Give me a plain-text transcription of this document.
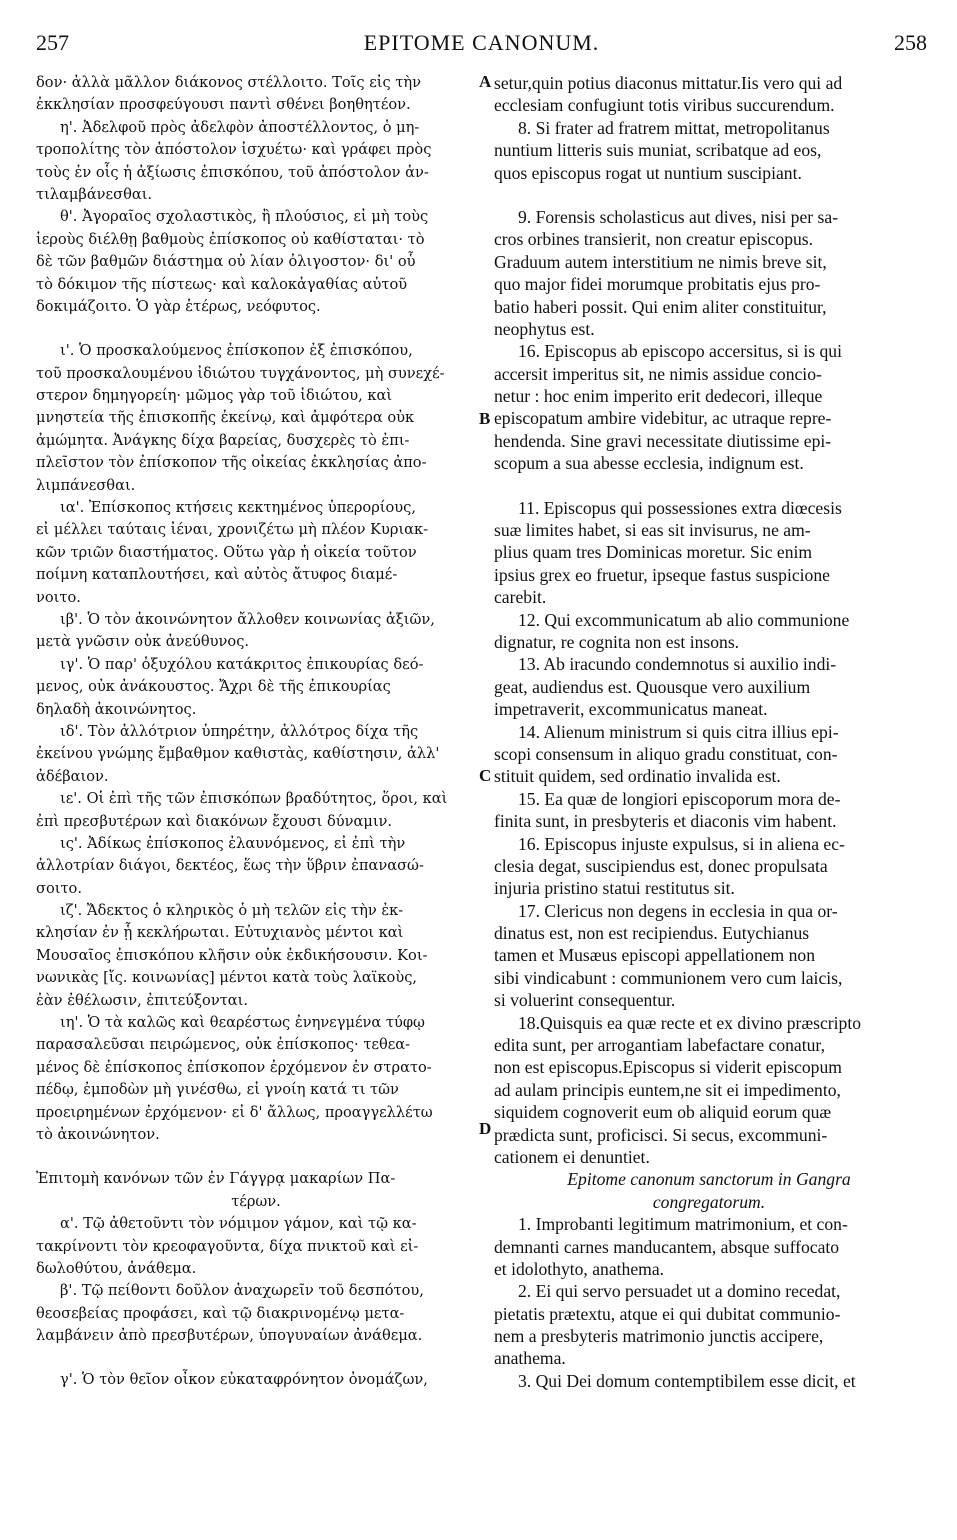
257	EPITOME CANONUM.	258
δον· ἀλλὰ μᾶλλον διάκονος στέλλοιτο. Τοῖς εἰς τὴν
ἐκκλησίαν προσφεύγουσι παντὶ σθένει βοηθητέον.
η'. Ἀδελφοῦ πρὸς ἀδελφὸν ἀποστέλλοντος, ὁ μη-
τροπολίτης τὸν ἀπόστολον ἰσχυέτω· καὶ γράφει πρὸς
τοὺς ἐν οἷς ἡ ἀξίωσις ἐπισκόπου, τοῦ ἀπόστολον ἀν-
τιλαμβάνεσθαι.
θ'. Ἀγοραῖος σχολαστικὸς, ἢ πλούσιος, εἰ μὴ τοὺς
ἱεροὺς διέλθῃ βαθμοὺς ἐπίσκοπος οὐ καθίσταται· τὸ
δὲ τῶν βαθμῶν διάστημα οὐ λίαν ὀλιγοστον· δι' οὗ
τὸ δόκιμον τῆς πίστεως· καὶ καλοκἀγαθίας αὐτοῦ
δοκιμάζοιτο. Ὁ γὰρ ἑτέρως, νεόφυτος.
ι'. Ὁ προσκαλούμενος ἐπίσκοπον ἐξ ἐπισκόπου,
τοῦ προσκαλουμένου ἰδιώτου τυγχάνοντος, μὴ συνεχέ-
στερον δημηγορείη· μῶμος γὰρ τοῦ ἰδιώτου, καὶ
μνηστεία τῆς ἐπισκοπῆς ἐκείνῳ, καὶ ἀμφότερα οὐκ
ἀμώμητα. Ἀνάγκης δίχα βαρείας, δυσχερὲς τὸ ἐπι-
πλεῖστον τὸν ἐπίσκοπον τῆς οἰκείας ἐκκλησίας ἀπο-
λιμπάνεσθαι.
ια'. Ἐπίσκοπος κτήσεις κεκτημένος ὑπερορίους,
εἰ μέλλει ταύταις ἰέναι, χρονιζέτω μὴ πλέον Κυριακ-
κῶν τριῶν διαστήματος. Οὕτω γὰρ ἡ οἰκεία τοῦτον
ποίμνη καταπλουτήσει, καὶ αὐτὸς ἄτυφος διαμέ-
νοιτο.
ιβ'. Ὁ τὸν ἀκοινώνητον ἄλλοθεν κοινωνίας ἀξιῶν,
μετὰ γνῶσιν οὐκ ἀνεύθυνος.
ιγ'. Ὁ παρ' ὀξυχόλου κατάκριτος ἐπικουρίας δεό-
μενος, οὐκ ἀνάκουστος. Ἄχρι δὲ τῆς ἐπικουρίας
δηλαδὴ ἀκοινώνητος.
ιδ'. Τὸν ἀλλότριον ὑπηρέτην, ἀλλότρος δίχα τῆς
ἐκείνου γνώμης ἔμβαθμον καθιστὰς, καθίστησιν, ἀλλ'
ἀδέβαιον.
ιε'. Οἱ ἐπὶ τῆς τῶν ἐπισκόπων βραδύτητος, ὅροι, καὶ
ἐπὶ πρεσβυτέρων καὶ διακόνων ἔχουσι δύναμιν.
ις'. Ἀδίκως ἐπίσκοπος ἐλαυνόμενος, εἰ ἐπὶ τὴν
ἀλλοτρίαν διάγοι, δεκτέος, ἕως τὴν ὕβριν ἐπανασώ-
σοιτο.
ιζ'. Ἄδεκτος ὁ κληρικὸς ὁ μὴ τελῶν εἰς τὴν ἐκ-
κλησίαν ἐν ᾗ κεκλήρωται. Εὐτυχιανὸς μέντοι καὶ
Μουσαῖος ἐπισκόπου κλῆσιν οὐκ ἐκδικήσουσιν. Κοι-
νωνικὰς [ἴς. κοινωνίας] μέντοι κατὰ τοὺς λαϊκοὺς,
ἐὰν ἐθέλωσιν, ἐπιτεύξονται.
ιη'. Ὁ τὰ καλῶς καὶ θεαρέστως ἐνηνεγμένα τύφῳ
παρασαλεῦσαι πειρώμενος, οὐκ ἐπίσκοπος· τεθεα-
μένος δὲ ἐπίσκοπος ἐπίσκοπον ἐρχόμενον ἐν στρατο-
πέδῳ, ἐμποδὼν μὴ γινέσθω, εἰ γνοίη κατά τι τῶν
προειρημένων ἐρχόμενον· εἰ δ' ἄλλως, προαγγελλέτω
τὸ ἀκοινώνητον.
Ἐπιτομὴ κανόνων τῶν ἐν Γάγγρᾳ μακαρίων Πα-
τέρων.
α'. Τῷ ἀθετοῦντι τὸν νόμιμον γάμον, καὶ τῷ κα-
τακρίνοντι τὸν κρεοφαγοῦντα, δίχα πνικτοῦ καὶ εἰ-
δωλοθύτου, ἀνάθεμα.
β'. Τῷ πείθοντι δοῦλον ἀναχωρεῖν τοῦ δεσπότου,
θεοσεβείας προφάσει, καὶ τῷ διακρινομένῳ μετα-
λαμβάνειν ἀπὸ πρεσβυτέρων, ὑπογυναίων ἀνάθεμα.
γ'. Ὁ τὸν θεῖον οἶκον εὐκαταφρόνητον ὀνομάζων,
setur,quin potius diaconus mittatur.Iis vero qui ad
ecclesiam confugiunt totis viribus succurendum.
8. Si frater ad fratrem mittat, metropolitanus
nuntium litteris suis muniat, scribatque ad eos,
quos episcopus rogat ut nuntium suscipiant.
9. Forensis scholasticus aut dives, nisi per sa-
cros orbines transierit, non creatur episcopus.
Graduum autem interstitium ne nimis breve sit,
quo major fidei morumque probitatis ejus pro-
batio haberi possit. Qui enim aliter constituitur,
neophytus est.
16. Episcopus ab episcopo accersitus, si is qui
accersit imperitus sit, ne nimis assidue concio-
netur : hoc enim imperito erit dedecori, illeque
episcopatum ambire videbitur, ac utraque repre-
hendenda. Sine gravi necessitate diutissime epi-
scopum a sua abesse ecclesia, indignum est.
11. Episcopus qui possessiones extra diœcesis
suæ limites habet, si eas sit invisurus, ne am-
plius quam tres Dominicas moretur. Sic enim
ipsius grex eo fruetur, ipseque fastus suspicione
carebit.
12. Qui excommunicatum ab alio communione
dignatur, re cognita non est insons.
13. Ab iracundo condemnotus si auxilio indi-
geat, audiendus est. Quousque vero auxilium
impetraverit, excommunicatus maneat.
14. Alienum ministrum si quis citra illius epi-
scopi consensum in aliquo gradu constituat, con-
stituit quidem, sed ordinatio invalida est.
15. Ea quæ de longiori episcoporum mora de-
finita sunt, in presbyteris et diaconis vim habent.
16. Episcopus injuste expulsus, si in aliena ec-
clesia degat, suscipiendus est, donec propulsata
injuria pristino statui restitutus sit.
17. Clericus non degens in ecclesia in qua or-
dinatus est, non est recipiendus. Eutychianus
tamen et Musæus episcopi appellationem non
sibi vindicabunt : communionem vero cum laicis,
si voluerint consequentur.
18.Quisquis ea quæ recte et ex divino præscripto
edita sunt, per arrogantiam labefactare conatur,
non est episcopus.Episcopus si viderit episcopum
ad aulam principis euntem,ne sit ei impedimento,
siquidem cognoverit eum ob aliquid eorum quæ
prædicta sunt, proficisci. Si secus, excommuni-
cationem ei denuntiet.
Epitome canonum sanctorum in Gangra
congregatorum.
1. Improbanti legitimum matrimonium, et con-
demnanti carnes manducantem, absque suffocato
et idolothyto, anathema.
2. Ei qui servo persuadet ut a domino recedat,
pietatis prætextu, atque ei qui dubitat communio-
nem a presbyteris matrimonio junctis accipere,
anathema.
3. Qui Dei domum contemptibilem esse dicit, et
A
B
C
D
